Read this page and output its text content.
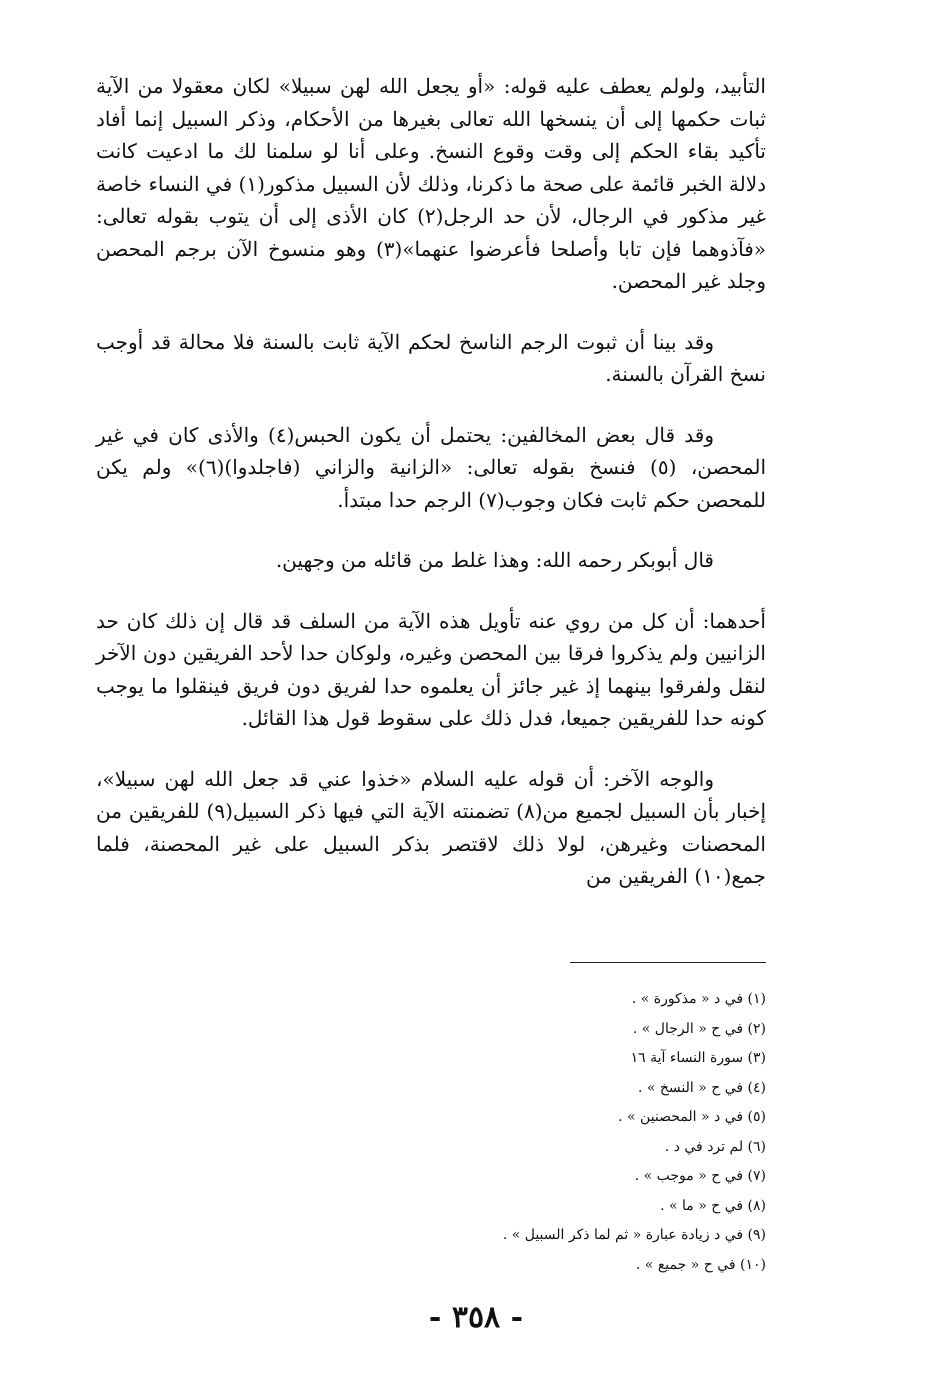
التأبيد، ولولم يعطف عليه قوله: «أو يجعل الله لهن سبيلا» لكان معقولا من الآية ثبات حكمها إلى أن ينسخها الله تعالى بغيرها من الأحكام، وذكر السبيل إنما أفاد تأكيد بقاء الحكم إلى وقت وقوع النسخ. وعلى أنا لو سلمنا لك ما ادعيت كانت دلالة الخبر قائمة على صحة ما ذكرنا، وذلك لأن السبيل مذكور(١) في النساء خاصة غير مذكور في الرجال، لأن حد الرجل(٢) كان الأذى إلى أن يتوب بقوله تعالى: «فآذوهما فإن تابا وأصلحا فأعرضوا عنهما»(٣) وهو منسوخ الآن برجم المحصن وجلد غير المحصن.

وقد بينا أن ثبوت الرجم الناسخ لحكم الآية ثابت بالسنة فلا محالة قد أوجب نسخ القرآن بالسنة.

وقد قال بعض المخالفين: يحتمل أن يكون الحبس(٤) والأذى كان في غير المحصن، (٥) فنسخ بقوله تعالى: «الزانية والزاني (فاجلدوا)(٦)» ولم يكن للمحصن حكم ثابت فكان وجوب(٧) الرجم حدا مبتدأ.

قال أبوبكر رحمه الله: وهذا غلط من قائله من وجهين.

أحدهما: أن كل من روي عنه تأويل هذه الآية من السلف قد قال إن ذلك كان حد الزانيين ولم يذكروا فرقا بين المحصن وغيره، ولوكان حدا لأحد الفريقين دون الآخر لنقل ولفرقوا بينهما إذ غير جائز أن يعلموه حدا لفريق دون فريق فينقلوا ما يوجب كونه حدا للفريقين جميعا، فدل ذلك على سقوط قول هذا القائل.

والوجه الآخر: أن قوله عليه السلام «خذوا عني قد جعل الله لهن سبيلا»، إخبار بأن السبيل لجميع من(٨) تضمنته الآية التي فيها ذكر السبيل(٩) للفريقين من المحصنات وغيرهن، لولا ذلك لاقتصر بذكر السبيل على غير المحصنة، فلما جمع(١٠) الفريقين من

(١) في د « مذكورة » .
(٢) في ح « الرجال » .
(٣) سورة النساء آية ١٦
(٤) في ح « النسخ » .
(٥) في د « المحصنين » .
(٦) لم ترد في د .
(٧) في ح « موجب » .
(٨) في ح « ما » .
(٩) في د زيادة عبارة « ثم لما ذكر السبيل » .
(١٠) في ح « جميع » .
- ٣٥٨ -
